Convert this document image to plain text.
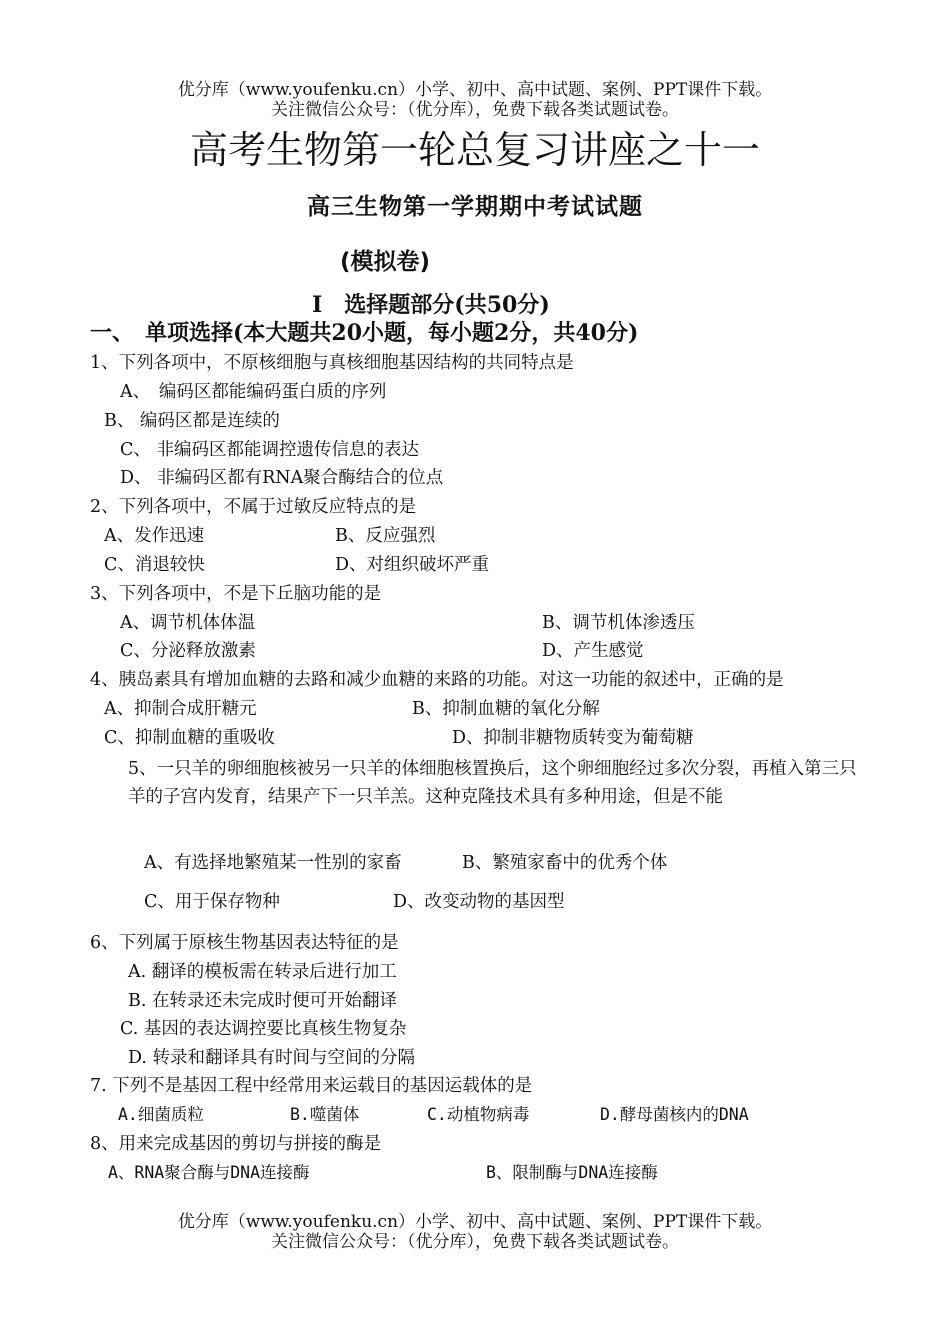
优分库（www.youfenku.cn）小学、初中、高中试题、案例、PPT课件下载。
关注微信公众号：（优分库），免费下载各类试题试卷。
高考生物第一轮总复习讲座之十一
高三生物第一学期期中考试试题
(模拟卷)
Ⅰ　选择题部分(共50分)
一、　单项选择(本大题共20小题，每小题2分，共40分)
1、下列各项中，不原核细胞与真核细胞基因结构的共同特点是
A、　编码区都能编码蛋白质的序列
B、 编码区都是连续的
C、 非编码区都能调控遗传信息的表达
D、 非编码区都有RNA聚合酶结合的位点
2、下列各项中，不属于过敏反应特点的是
A、发作迅速	B、反应强烈
C、消退较快	D、对组织破坏严重
3、下列各项中，不是下丘脑功能的是
A、调节机体体温	B、调节机体渗透压
C、分泌释放激素	D、产生感觉
4、胰岛素具有增加血糖的去路和减少血糖的来路的功能。对这一功能的叙述中，正确的是
A、抑制合成肝糖元	B、抑制血糖的氧化分解
C、抑制血糖的重吸收	D、抑制非糖物质转变为葡萄糖
5、一只羊的卵细胞核被另一只羊的体细胞核置换后，这个卵细胞经过多次分裂，再植入第三只羊的子宫内发育，结果产下一只羊羔。这种克隆技术具有多种用途，但是不能
A、有选择地繁殖某一性别的家畜	B、繁殖家畜中的优秀个体
C、用于保存物种	D、改变动物的基因型
6、下列属于原核生物基因表达特征的是
A. 翻译的模板需在转录后进行加工
B. 在转录还未完成时便可开始翻译
C. 基因的表达调控要比真核生物复杂
D. 转录和翻译具有时间与空间的分隔
7. 下列不是基因工程中经常用来运载目的基因运载体的是
A.细菌质粒	B.噬菌体	C.动植物病毒	D.酵母菌核内的DNA
8、用来完成基因的剪切与拼接的酶是
A、RNA聚合酶与DNA连接酶	B、限制酶与DNA连接酶
优分库（www.youfenku.cn）小学、初中、高中试题、案例、PPT课件下载。
关注微信公众号：（优分库），免费下载各类试题试卷。
